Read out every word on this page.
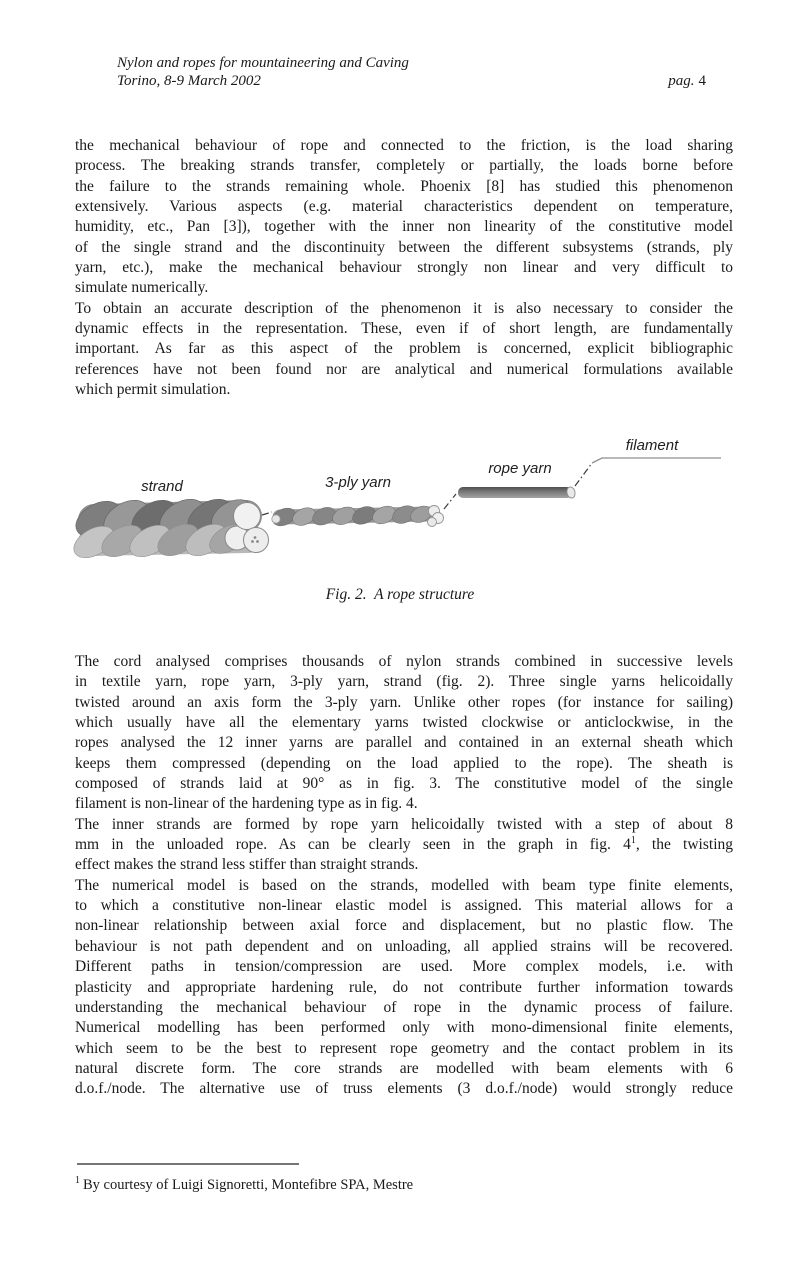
Nylon and ropes for mountaineering and Caving
Torino, 8-9 March 2002	pag. 4
the mechanical behaviour of rope and connected to the friction, is the load sharing
process. The breaking strands transfer, completely or partially, the loads borne before
the failure to the strands remaining whole. Phoenix [8] has studied this phenomenon
extensively. Various aspects (e.g. material characteristics dependent on temperature,
humidity, etc., Pan [3]), together with the inner non linearity of the constitutive model
of the single strand and the discontinuity between the different subsystems (strands, ply
yarn, etc.), make the mechanical behaviour strongly non linear and very difficult to
simulate numerically.
To obtain an accurate description of the phenomenon it is also necessary to consider the
dynamic effects in the representation. These, even if of short length, are fundamentally
important. As far as this aspect of the problem is concerned, explicit bibliographic
references have not been found nor are analytical and numerical formulations available
which permit simulation.
strand	3-ply yarn
rope yarn
filament
Fig. 2.  A rope structure
The cord analysed comprises thousands of nylon strands combined in successive levels
in textile yarn, rope yarn, 3-ply yarn, strand (fig. 2). Three single yarns helicoidally
twisted around an axis form the 3-ply yarn. Unlike other ropes (for instance for sailing)
which usually have all the elementary yarns twisted clockwise or anticlockwise, in the
ropes analysed the 12 inner yarns are parallel and contained in an external sheath which
keeps them compressed (depending on the load applied to the rope). The sheath is
composed of strands laid at 90° as in fig. 3. The constitutive model of the single
filament is non-linear of the hardening type as in fig. 4.
The inner strands are formed by rope yarn helicoidally twisted with a step of about 8
mm in the unloaded rope. As can be clearly seen in the graph in fig. $4^1$, the twisting
effect makes the strand less stiffer than straight strands.
The numerical model is based on the strands, modelled with beam type finite elements,
to which a constitutive non-linear elastic model is assigned. This material allows for a
non-linear relationship between axial force and displacement, but no plastic flow. The
behaviour is not path dependent and on unloading, all applied strains will be recovered.
Different paths in tension/compression are used. More complex models, i.e. with
plasticity and appropriate hardening rule, do not contribute further information towards
understanding the mechanical behaviour of rope in the dynamic process of failure.
Numerical modelling has been performed only with mono-dimensional finite elements,
which seem to be the best to represent rope geometry and the contact problem in its
natural discrete form. The core strands are modelled with beam elements with 6
d.o.f./node. The alternative use of truss elements (3 d.o.f./node) would strongly reduce
$^1$ By courtesy of Luigi Signoretti, Montefibre SPA, Mestre
